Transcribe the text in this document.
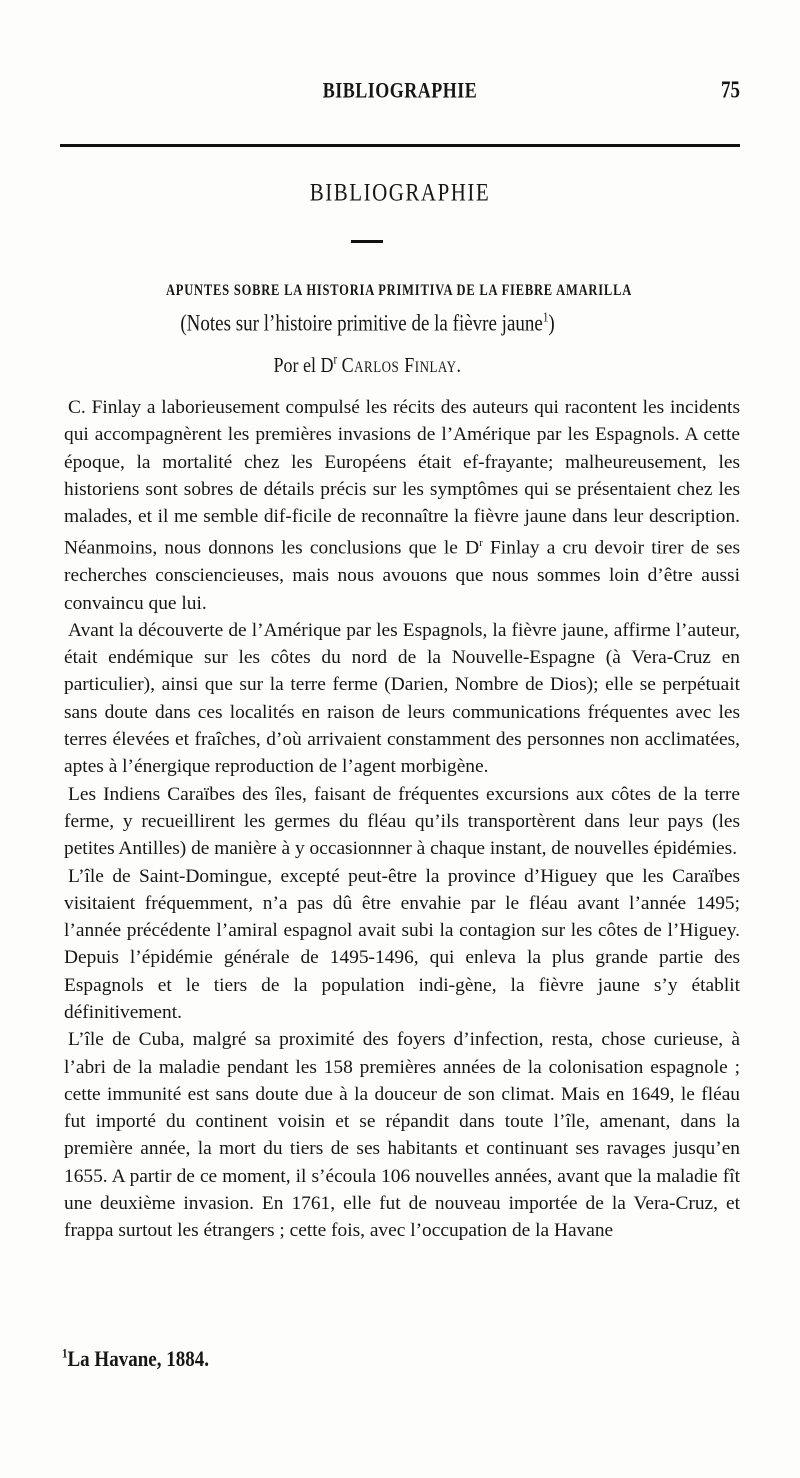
BIBLIOGRAPHIE	75
BIBLIOGRAPHIE
APUNTES SOBRE LA HISTORIA PRIMITIVA DE LA FIEBRE AMARILLA
(Notes sur l’histoire primitive de la fièvre jaune$^1$)
Por el $D^r$ Carlos Finlay.

C. Finlay a laborieusement compulsé les récits des auteurs qui racontent les incidents qui accompagnèrent les premières invasions de l’Amérique par les Espagnols. A cette époque, la mortalité chez les Européens était ef-frayante; malheureusement, les historiens sont sobres de détails précis sur les symptômes qui se présentaient chez les malades, et il me semble dif-ficile de reconnaître la fièvre jaune dans leur description. Néanmoins, nous donnons les conclusions que le $D^r$ Finlay a cru devoir tirer de ses recherches consciencieuses, mais nous avouons que nous sommes loin d’être aussi convaincu que lui.

Avant la découverte de l’Amérique par les Espagnols, la fièvre jaune, affirme l’auteur, était endémique sur les côtes du nord de la Nouvelle-Espagne (à Vera-Cruz en particulier), ainsi que sur la terre ferme (Darien, Nombre de Dios); elle se perpétuait sans doute dans ces localités en raison de leurs communications fréquentes avec les terres élevées et fraîches, d’où arrivaient constamment des personnes non acclimatées, aptes à l’énergique reproduction de l’agent morbigène.

Les Indiens Caraïbes des îles, faisant de fréquentes excursions aux côtes de la terre ferme, y recueillirent les germes du fléau qu’ils transportèrent dans leur pays (les petites Antilles) de manière à y occasionnner à chaque instant, de nouvelles épidémies.

L’île de Saint-Domingue, excepté peut-être la province d’Higuey que les Caraïbes visitaient fréquemment, n’a pas dû être envahie par le fléau avant l’année 1495; l’année précédente l’amiral espagnol avait subi la contagion sur les côtes de l’Higuey. Depuis l’épidémie générale de 1495-1496, qui enleva la plus grande partie des Espagnols et le tiers de la population indi-gène, la fièvre jaune s’y établit définitivement.

L’île de Cuba, malgré sa proximité des foyers d’infection, resta, chose curieuse, à l’abri de la maladie pendant les 158 premières années de la colonisation espagnole ; cette immunité est sans doute due à la douceur de son climat. Mais en 1649, le fléau fut importé du continent voisin et se répandit dans toute l’île, amenant, dans la première année, la mort du tiers de ses habitants et continuant ses ravages jusqu’en 1655. A partir de ce moment, il s’écoula 106 nouvelles années, avant que la maladie fît une deuxième invasion. En 1761, elle fut de nouveau importée de la Vera-Cruz, et frappa surtout les étrangers ; cette fois, avec l’occupation de la Havane

$^1$La Havane, 1884.
